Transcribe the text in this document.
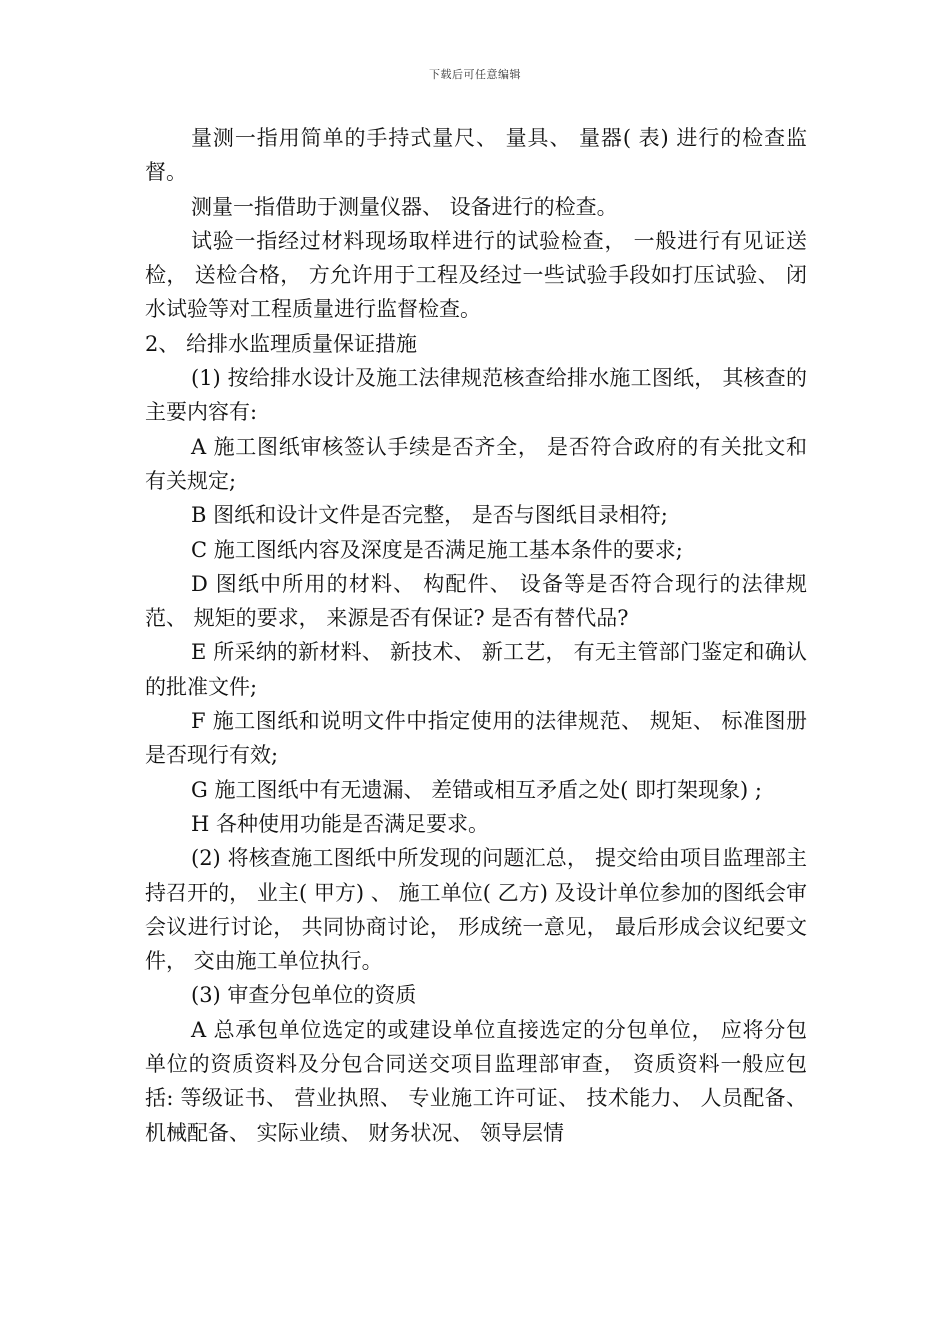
下载后可任意编辑

量测一指用简单的手持式量尺、 量具、 量器( 表) 进行的检查监督。

测量一指借助于测量仪器、 设备进行的检查。

试验一指经过材料现场取样进行的试验检查， 一般进行有见证送检， 送检合格， 方允许用于工程及经过一些试验手段如打压试验、 闭水试验等对工程质量进行监督检查。

2、 给排水监理质量保证措施

(1) 按给排水设计及施工法律规范核查给排水施工图纸， 其核查的主要内容有:

A 施工图纸审核签认手续是否齐全， 是否符合政府的有关批文和有关规定;

B 图纸和设计文件是否完整， 是否与图纸目录相符;

C 施工图纸内容及深度是否满足施工基本条件的要求;

D 图纸中所用的材料、 构配件、 设备等是否符合现行的法律规范、 规矩的要求， 来源是否有保证? 是否有替代品?

E 所采纳的新材料、 新技术、 新工艺， 有无主管部门鉴定和确认的批准文件;

F 施工图纸和说明文件中指定使用的法律规范、 规矩、 标准图册是否现行有效;

G 施工图纸中有无遗漏、 差错或相互矛盾之处( 即打架现象) ;

H 各种使用功能是否满足要求。

(2) 将核查施工图纸中所发现的问题汇总， 提交给由项目监理部主持召开的， 业主( 甲方) 、 施工单位( 乙方) 及设计单位参加的图纸会审会议进行讨论， 共同协商讨论， 形成统一意见， 最后形成会议纪要文件， 交由施工单位执行。

(3) 审查分包单位的资质

A 总承包单位选定的或建设单位直接选定的分包单位， 应将分包单位的资质资料及分包合同送交项目监理部审查， 资质资料一般应包括: 等级证书、 营业执照、 专业施工许可证、 技术能力、 人员配备、 机械配备、 实际业绩、 财务状况、 领导层情
